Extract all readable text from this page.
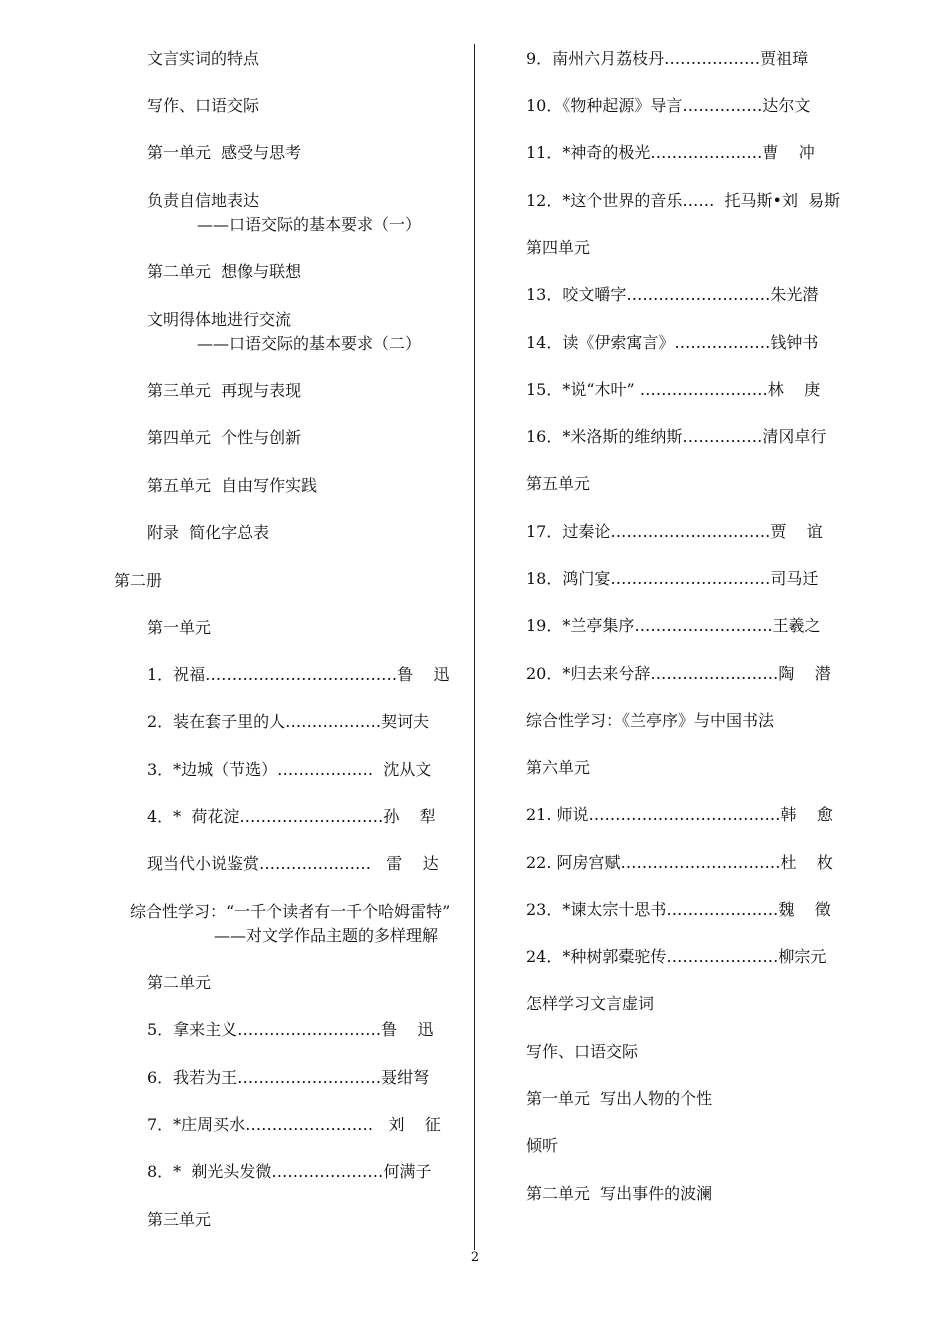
文言实词的特点
写作、口语交际
第一单元  感受与思考
负责自信地表达
——口语交际的基本要求（一）
第二单元  想像与联想
文明得体地进行交流
——口语交际的基本要求（二）
第三单元  再现与表现
第四单元  个性与创新
第五单元  自由写作实践
附录  简化字总表
第二册
第一单元
1．祝福………………………………鲁    迅
2．装在套子里的人………………契诃夫
3．*边城（节选）………………  沈从文
4．*  荷花淀………………………孙    犁
现当代小说鉴赏…………………   雷    达
综合性学习：“一千个读者有一千个哈姆雷特”
——对文学作品主题的多样理解
第二单元
5．拿来主义………………………鲁    迅
6．我若为王………………………聂绀弩
7．*庄周买水……………………   刘    征
8．*  剃光头发微…………………何满子
第三单元
9．南州六月荔枝丹………………贾祖璋
10．《物种起源》导言……………达尔文
11．*神奇的极光…………………曹    冲
12．*这个世界的音乐……  托马斯•刘  易斯
第四单元
13．咬文嚼字………………………朱光潜
14．读《伊索寓言》………………钱钟书
15．*说“木叶” ……………………林    庚
16．*米洛斯的维纳斯……………清冈卓行
第五单元
17．过秦论…………………………贾    谊
18．鸿门宴…………………………司马迁
19．*兰亭集序……………………..王羲之
20．*归去来兮辞……………………陶    潜
综合性学习：《兰亭序》与中国书法
第六单元
21. 师说………………………………韩    愈
22. 阿房宫赋…………………………杜    枚
23．*谏太宗十思书…………………魏    徵
24．*种树郭橐驼传…………………柳宗元
怎样学习文言虚词
写作、口语交际
第一单元  写出人物的个性
倾听
第二单元  写出事件的波澜
2
